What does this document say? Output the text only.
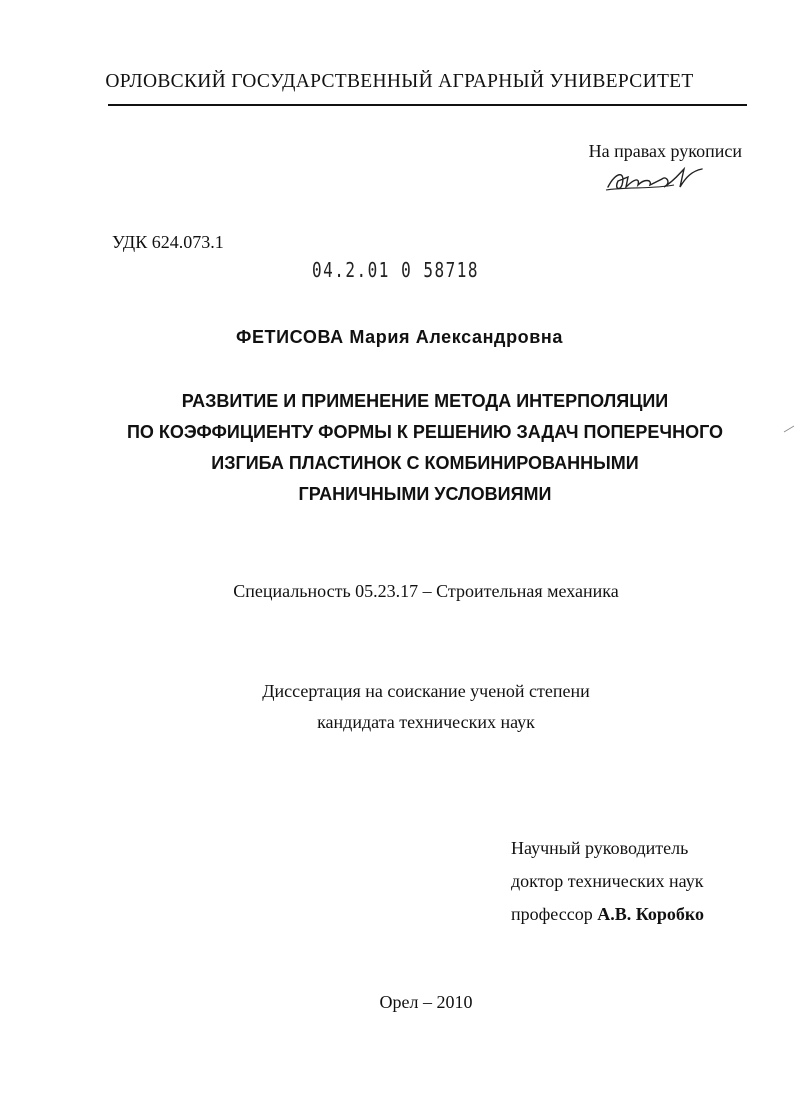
ОРЛОВСКИЙ ГОСУДАРСТВЕННЫЙ АГРАРНЫЙ УНИВЕРСИТЕТ
На правах рукописи
УДК 624.073.1
04.2.01 0 58718
ФЕТИСОВА Мария Александровна
РАЗВИТИЕ И ПРИМЕНЕНИЕ МЕТОДА ИНТЕРПОЛЯЦИИ
ПО КОЭФФИЦИЕНТУ ФОРМЫ К РЕШЕНИЮ ЗАДАЧ ПОПЕРЕЧНОГО
ИЗГИБА ПЛАСТИНОК С КОМБИНИРОВАННЫМИ
ГРАНИЧНЫМИ УСЛОВИЯМИ
Специальность 05.23.17 – Строительная механика
Диссертация на соискание ученой степени
кандидата технических наук
Научный руководитель
доктор технических наук
профессор А.В. Коробко
Орел – 2010
